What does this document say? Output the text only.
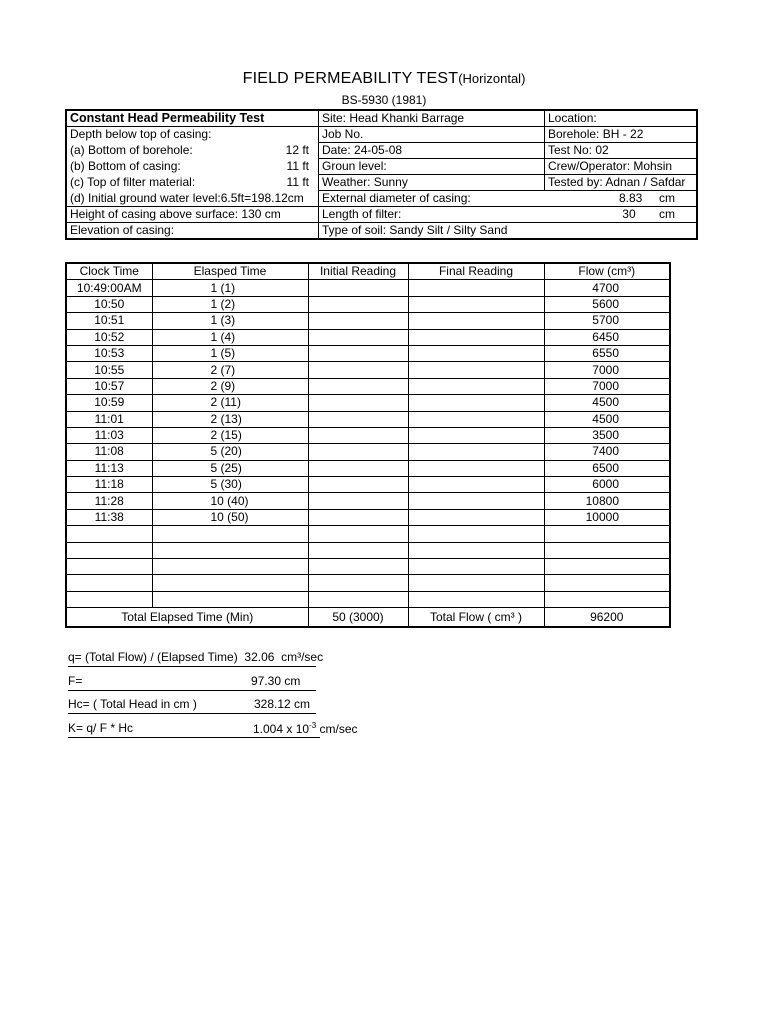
FIELD PERMEABILITY TEST(Horizontal)
BS-5930 (1981)
Constant Head Permeability Test	Site: Head Khanki Barrage	Location:
Depth below top of casing:	Job No.	Borehole: BH - 22
(a) Bottom of borehole: 12 ft	Date: 24-05-08	Test No: 02
(b) Bottom of casing: 11 ft	Groun level:	Crew/Operator: Mohsin
(c) Top of filter material: 11 ft	Weather: Sunny	Tested by: Adnan / Safdar
(d) Initial ground water level:6.5ft=198.12cm	External diameter of casing: 8.83 cm	

Height of casing above surface: 130 cm	Length of filter: 30 cm	

Elevation of casing:	Type of soil: Sandy Silt / Silty Sand	
Clock Time	Elasped Time	Initial Reading	Final Reading	Flow (cm³)
10:49:00AM	1 (1)			4700
10:50	1 (2)			5600
10:51	1 (3)			5700
10:52	1 (4)			6450
10:53	1 (5)			6550
10:55	2 (7)			7000
10:57	2 (9)			7000
10:59	2 (11)			4500
11:01	2 (13)			4500
11:03	2 (15)			3500
11:08	5 (20)			7400
11:13	5 (25)			6500
11:18	5 (30)			6000
11:28	10 (40)			10800
11:38	10 (50)			10000

Total Elapsed Time (Min)		50 (3000)	Total Flow ( cm³ )	96200
q= (Total Flow) / (Elapsed Time) 32.06 cm³/sec
F=	97.30 cm
Hc= ( Total Head in cm )	328.12 cm
K= q/ F * Hc	1.004 x $10^{-3}$ cm/sec
